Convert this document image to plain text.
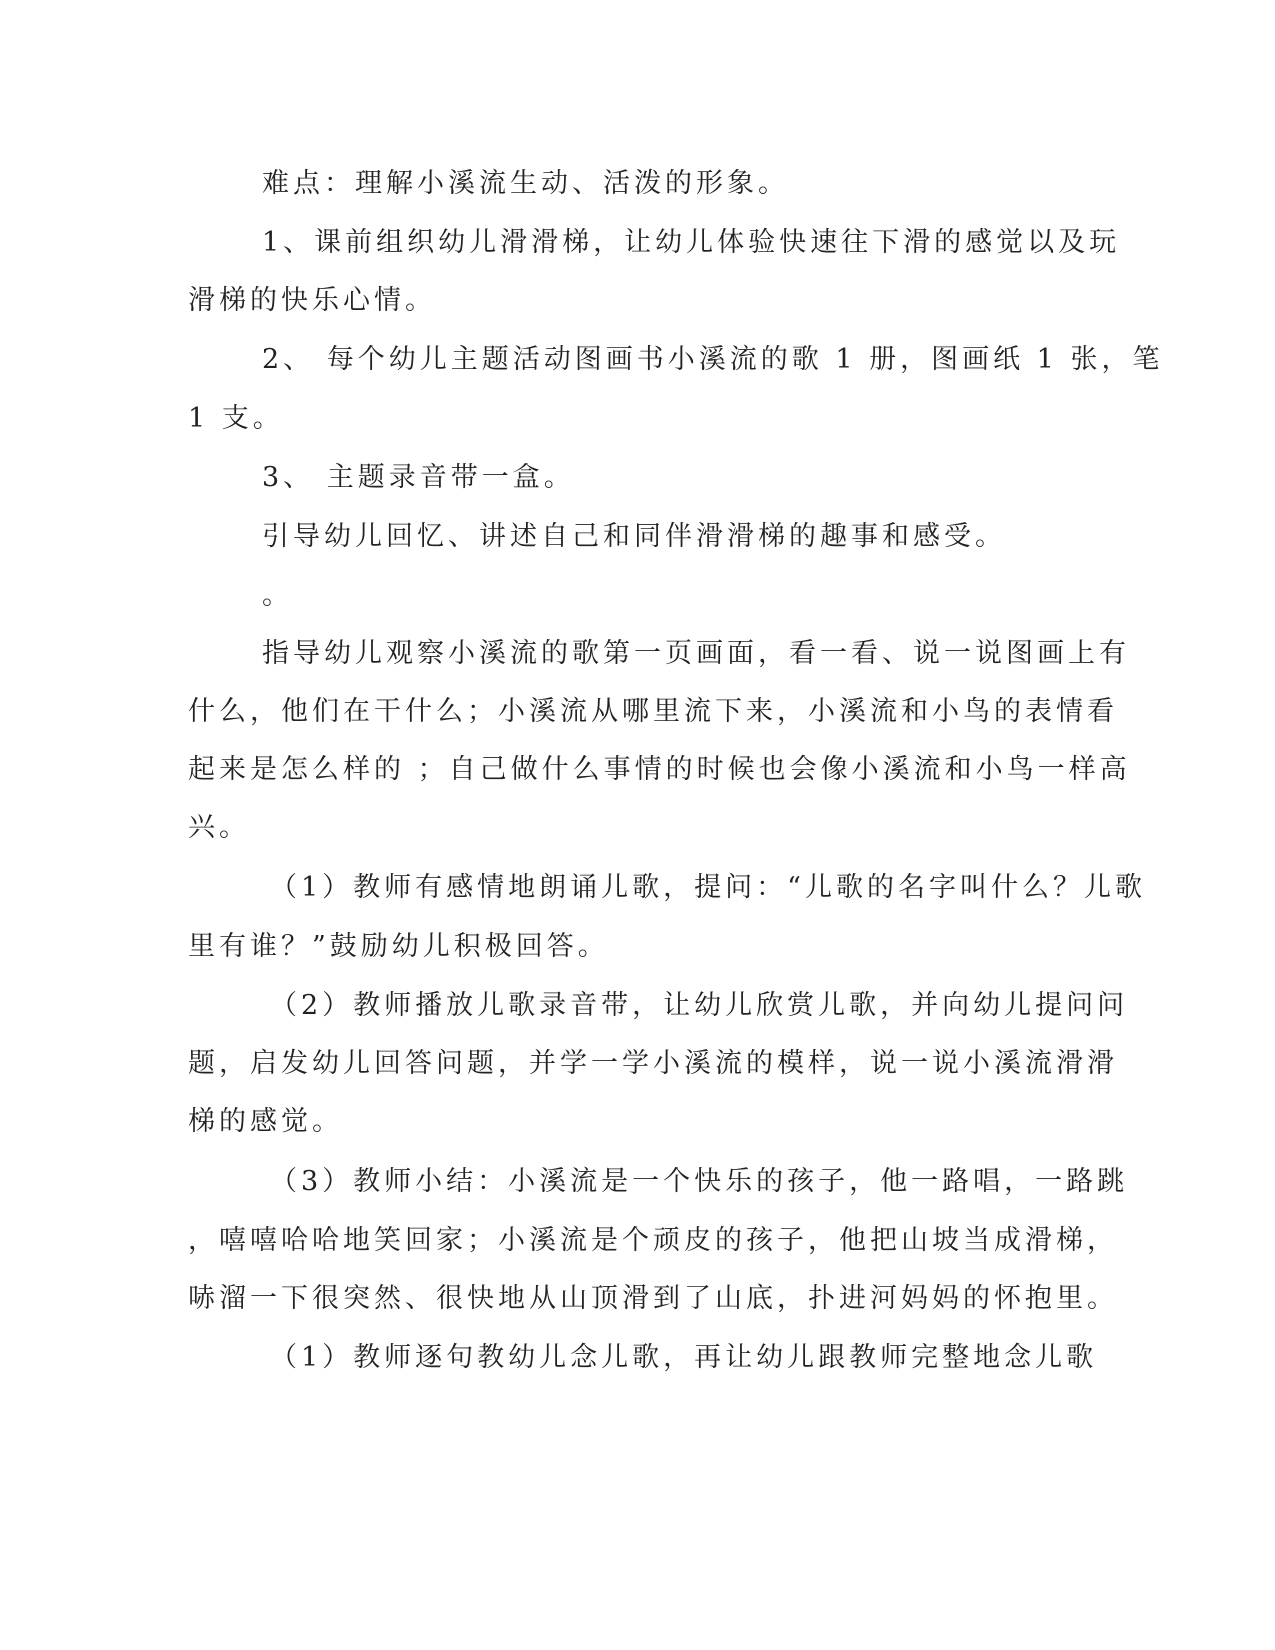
难点：理解小溪流生动、活泼的形象。
1、课前组织幼儿滑滑梯，让幼儿体验快速往下滑的感觉以及玩
滑梯的快乐心情。
2、 每个幼儿主题活动图画书小溪流的歌 1 册，图画纸 1 张，笔
1 支。
3、 主题录音带一盒。
引导幼儿回忆、讲述自己和同伴滑滑梯的趣事和感受。
。
指导幼儿观察小溪流的歌第一页画面，看一看、说一说图画上有
什么，他们在干什么；小溪流从哪里流下来，小溪流和小鸟的表情看
起来是怎么样的 ；自己做什么事情的时候也会像小溪流和小鸟一样高
兴。
（1）教师有感情地朗诵儿歌，提问：“儿歌的名字叫什么？儿歌
里有谁？”鼓励幼儿积极回答。
（2）教师播放儿歌录音带，让幼儿欣赏儿歌，并向幼儿提问问
题，启发幼儿回答问题，并学一学小溪流的模样，说一说小溪流滑滑
梯的感觉。
（3）教师小结：小溪流是一个快乐的孩子，他一路唱，一路跳
，嘻嘻哈哈地笑回家；小溪流是个顽皮的孩子，他把山坡当成滑梯，
哧溜一下很突然、很快地从山顶滑到了山底，扑进河妈妈的怀抱里。
（1）教师逐句教幼儿念儿歌，再让幼儿跟教师完整地念儿歌
